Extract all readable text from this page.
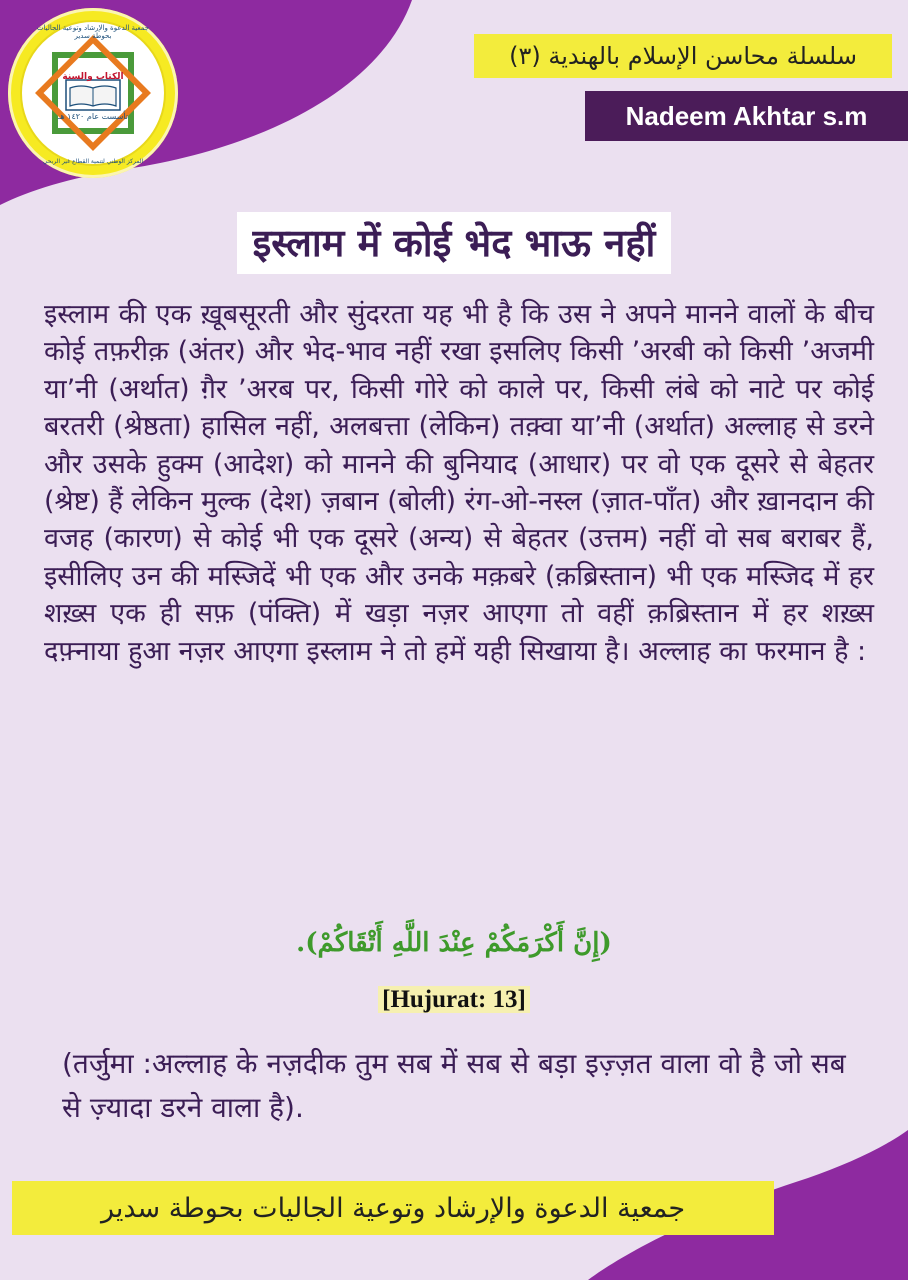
جمعية الدعوة والإرشاد وتوعية الجاليات بحوطة سدير
الكتاب والسنة
تأسست عام ١٤٢٠ هـ
المركز الوطني لتنمية القطاع غير الربحي
سلسلة محاسن الإسلام بالهندية (٣)
Nadeem Akhtar s.m
इस्लाम में कोई भेद भाऊ नहीं
इस्लाम की एक ख़ूबसूरती और सुंदरता यह भी है कि उस ने अपने मानने वालों के बीच कोई तफ़रीक़ (अंतर) और भेद-भाव नहीं रखा इसलिए किसी ’अरबी को किसी ’अजमी या’नी (अर्थात) ग़ैर ’अरब पर, किसी गोरे को काले पर, किसी लंबे को नाटे पर कोई बरतरी (श्रेष्ठता) हासिल नहीं, अलबत्ता (लेकिन) तक़्वा या’नी (अर्थात) अल्लाह से डरने और उसके हुक्म (आदेश) को मानने की बुनियाद (आधार) पर वो एक दूसरे से बेहतर (श्रेष्ट) हैं लेकिन मुल्क (देश) ज़बान (बोली) रंग-ओ-नस्ल (ज़ात-पाँत) और ख़ानदान की वजह (कारण) से कोई भी एक दूसरे (अन्य) से बेहतर (उत्तम) नहीं वो सब बराबर हैं, इसीलिए उन की मस्जिदें भी एक और उनके मक़बरे (क़ब्रिस्तान) भी एक मस्जिद में हर शख़्स एक ही सफ़ (पंक्ति) में खड़ा नज़र आएगा तो वहीं क़ब्रिस्तान में हर शख़्स दफ़्नाया हुआ नज़र आएगा इस्लाम ने तो हमें यही सिखाया है। अल्लाह का फरमान है :
(إِنَّ أَكْرَمَكُمْ عِنْدَ اللَّهِ أَتْقَاكُمْ).
[Hujurat: 13]
(तर्जुमा :अल्लाह के नज़दीक तुम सब में सब से बड़ा इज़्ज़त वाला वो है जो सब से ज़्यादा डरने वाला है).
جمعية الدعوة والإرشاد وتوعية الجاليات بحوطة سدير
